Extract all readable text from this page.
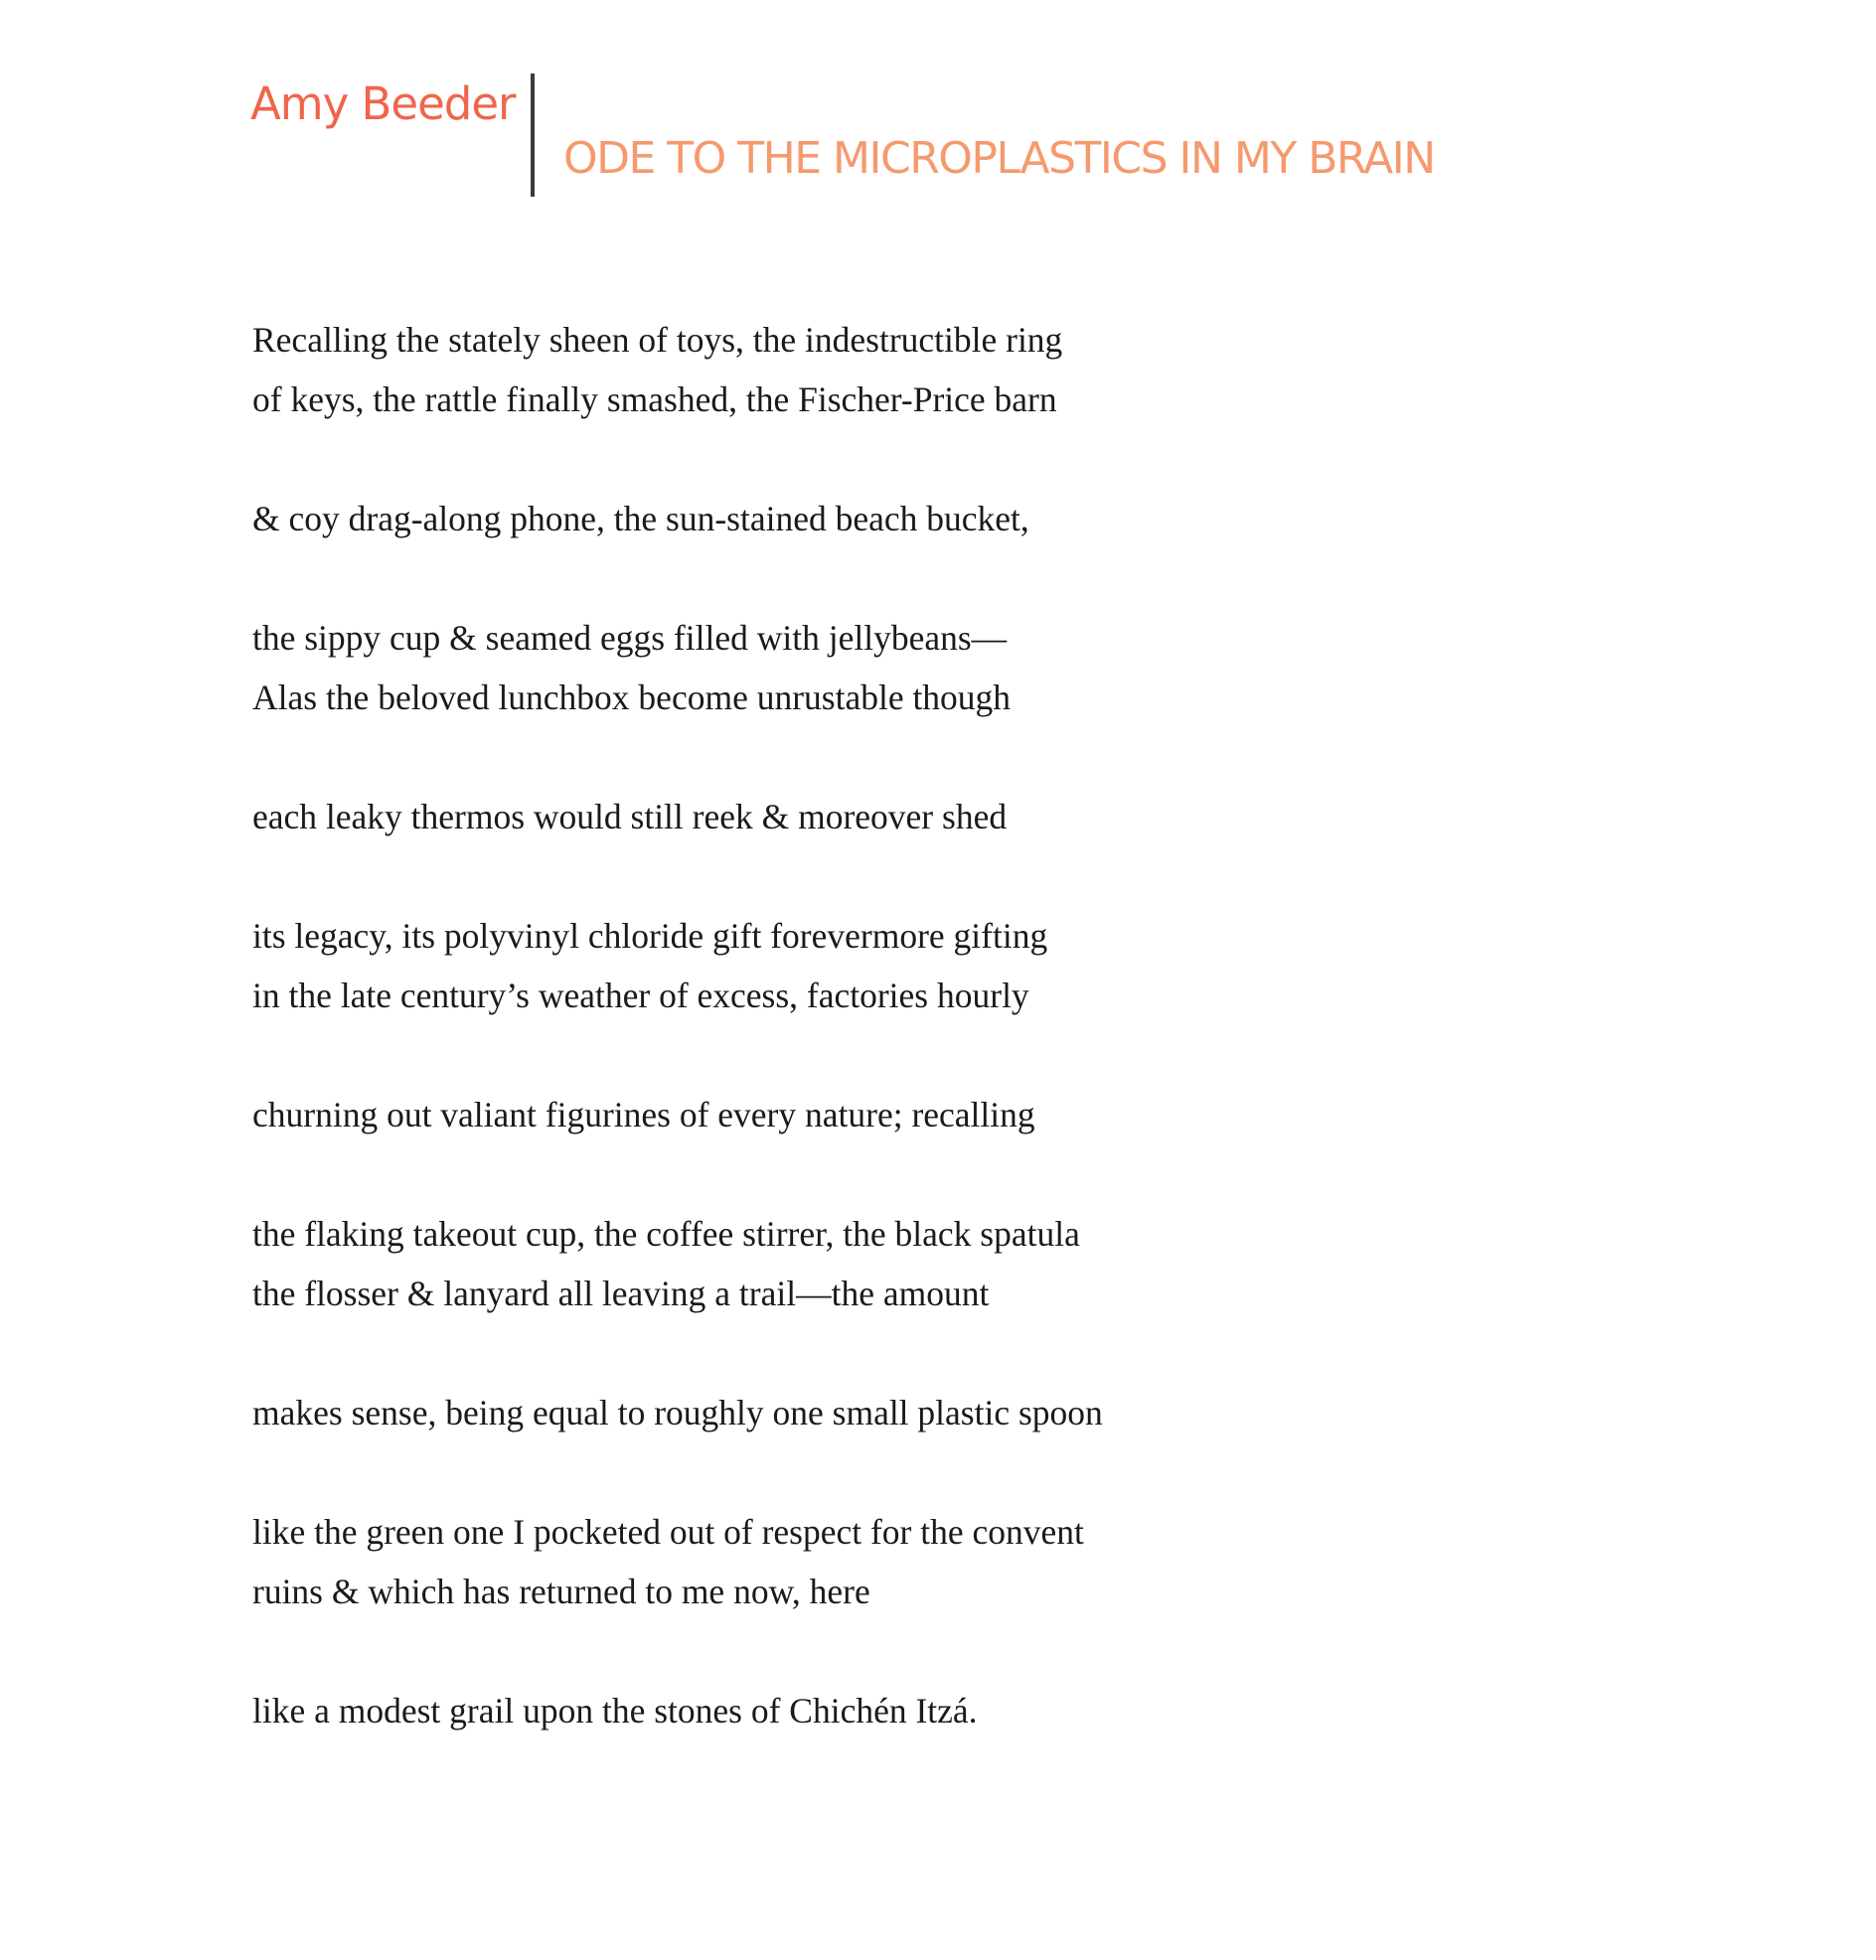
Amy Beeder
ODE TO THE MICROPLASTICS IN MY BRAIN
Recalling the stately sheen of toys, the indestructible ring
of keys, the rattle finally smashed, the Fischer-Price barn
& coy drag-along phone, the sun-stained beach bucket,
the sippy cup & seamed eggs filled with jellybeans—
Alas the beloved lunchbox become unrustable though
each leaky thermos would still reek & moreover shed
its legacy, its polyvinyl chloride gift forevermore gifting
in the late century’s weather of excess, factories hourly
churning out valiant figurines of every nature; recalling
the flaking takeout cup, the coffee stirrer, the black spatula
the flosser & lanyard all leaving a trail—the amount
makes sense, being equal to roughly one small plastic spoon
like the green one I pocketed out of respect for the convent
ruins & which has returned to me now, here
like a modest grail upon the stones of Chichén Itzá.
